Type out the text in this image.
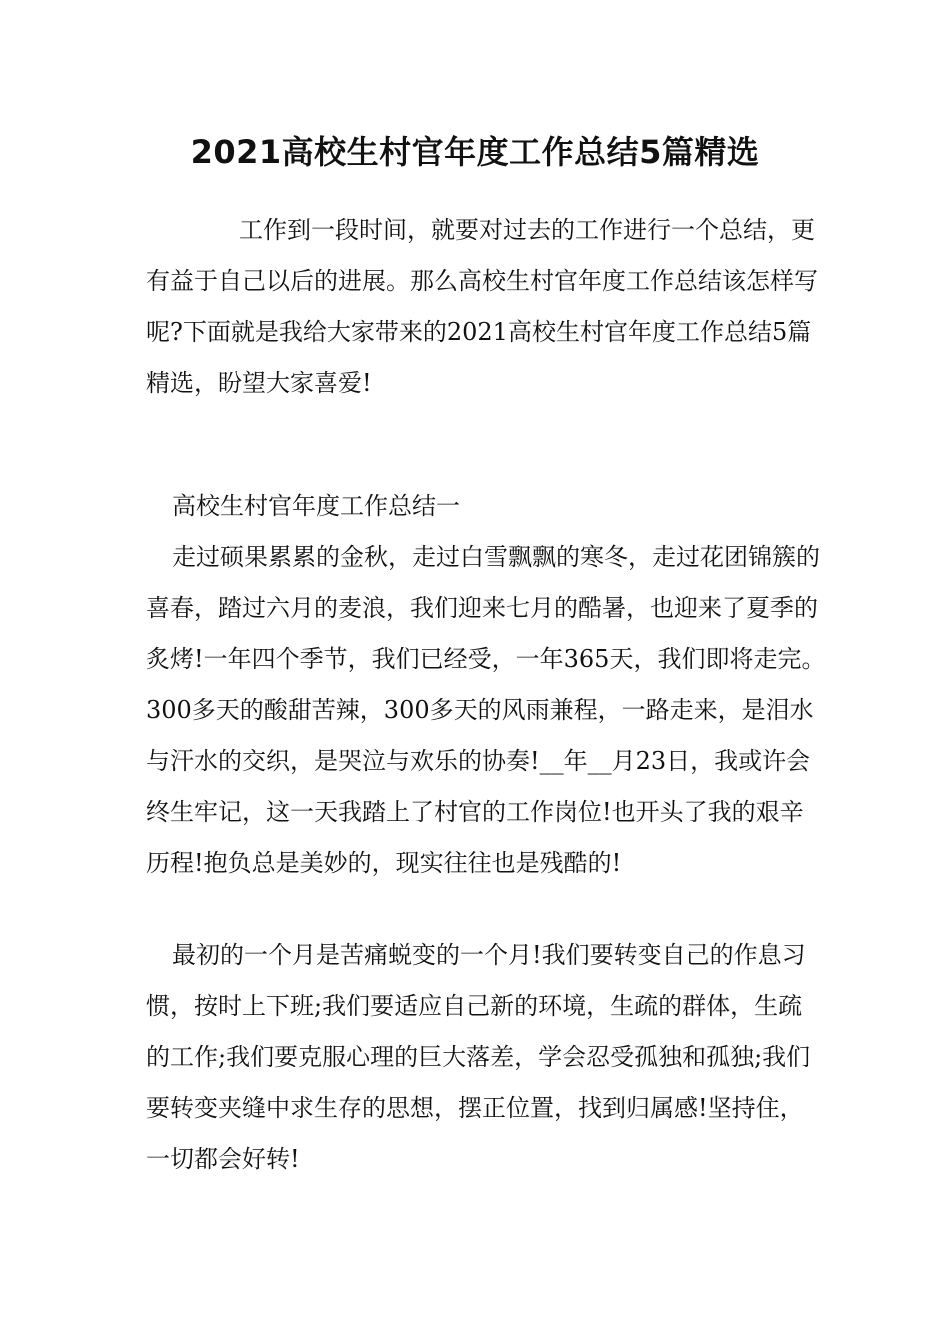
2021高校生村官年度工作总结5篇精选

工作到一段时间，就要对过去的工作进行一个总结，更有益于自己以后的进展。那么高校生村官年度工作总结该怎样写呢?下面就是我给大家带来的2021高校生村官年度工作总结5篇精选，盼望大家喜爱!

高校生村官年度工作总结一

走过硕果累累的金秋，走过白雪飘飘的寒冬，走过花团锦簇的喜春，踏过六月的麦浪，我们迎来七月的酷暑，也迎来了夏季的炙烤!一年四个季节，我们已经受，一年365天，我们即将走完。300多天的酸甜苦辣，300多天的风雨兼程，一路走来，是泪水与汗水的交织，是哭泣与欢乐的协奏!__年__月23日，我或许会终生牢记，这一天我踏上了村官的工作岗位!也开头了我的艰辛历程!抱负总是美妙的，现实往往也是残酷的!

最初的一个月是苦痛蜕变的一个月!我们要转变自己的作息习惯，按时上下班;我们要适应自己新的环境，生疏的群体，生疏的工作;我们要克服心理的巨大落差，学会忍受孤独和孤独;我们要转变夹缝中求生存的思想，摆正位置，找到归属感!坚持住，一切都会好转!
